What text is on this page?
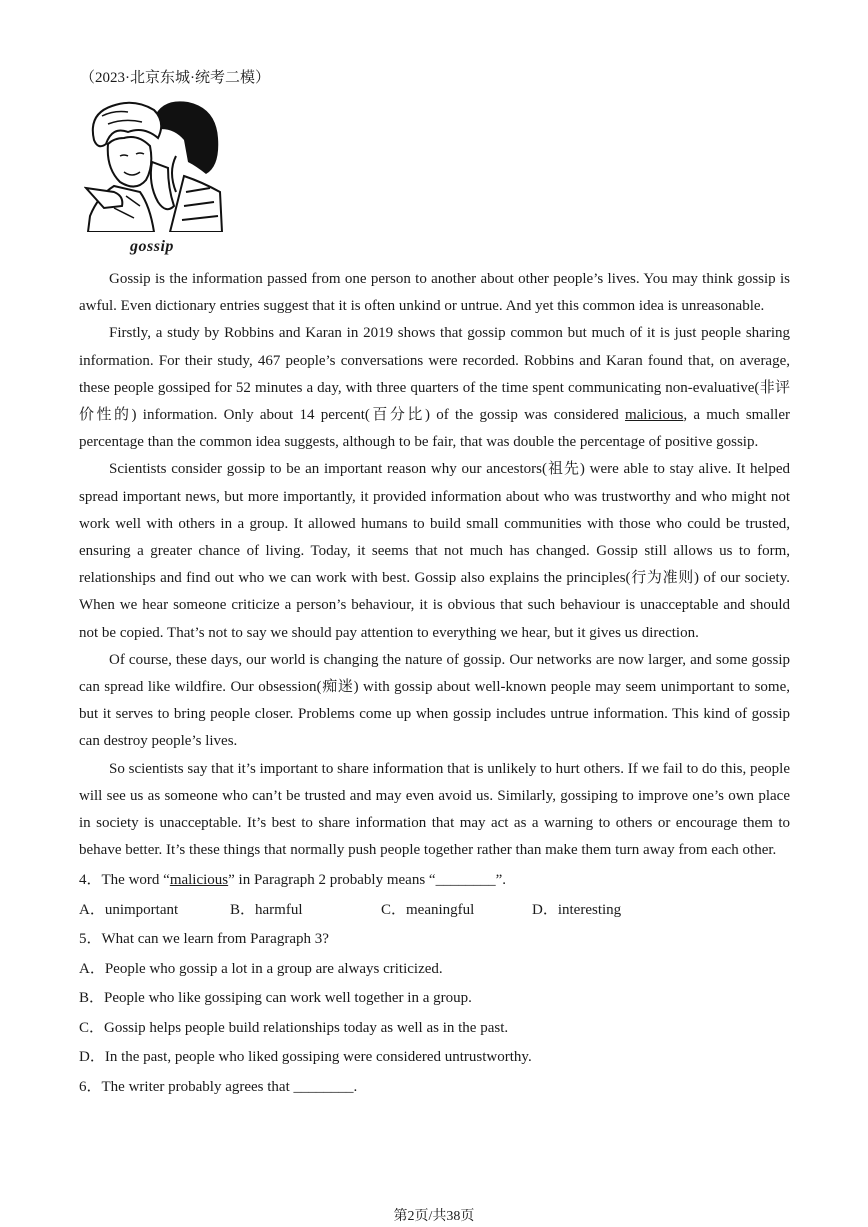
（2023·北京东城·统考二模）
gossip

Gossip is the information passed from one person to another about other people’s lives. You may think gossip is awful. Even dictionary entries suggest that it is often unkind or untrue. And yet this common idea is unreasonable.

Firstly, a study by Robbins and Karan in 2019 shows that gossip common but much of it is just people sharing information. For their study, 467 people’s conversations were recorded. Robbins and Karan found that, on average, these people gossiped for 52 minutes a day, with three quarters of the time spent communicating non-evaluative(非评价性的) information. Only about 14 percent(百分比) of the gossip was considered malicious, a much smaller percentage than the common idea suggests, although to be fair, that was double the percentage of positive gossip.

Scientists consider gossip to be an important reason why our ancestors(祖先) were able to stay alive. It helped spread important news, but more importantly, it provided information about who was trustworthy and who might not work well with others in a group. It allowed humans to build small communities with those who could be trusted, ensuring a greater chance of living. Today, it seems that not much has changed. Gossip still allows us to form, relationships and find out who we can work with best. Gossip also explains the principles(行为准则) of our society. When we hear someone criticize a person’s behaviour, it is obvious that such behaviour is unacceptable and should not be copied. That’s not to say we should pay attention to everything we hear, but it gives us direction.

Of course, these days, our world is changing the nature of gossip. Our networks are now larger, and some gossip can spread like wildfire. Our obsession(痴迷) with gossip about well-known people may seem unimportant to some, but it serves to bring people closer. Problems come up when gossip includes untrue information. This kind of gossip can destroy people’s lives.

So scientists say that it’s important to share information that is unlikely to hurt others. If we fail to do this, people will see us as someone who can’t be trusted and may even avoid us. Similarly, gossiping to improve one’s own place in society is unacceptable. It’s best to share information that may act as a warning to others or encourage them to behave better. It’s these things that normally push people together rather than make them turn away from each other.

4．The word “malicious” in Paragraph 2 probably means “________”.
A．unimportant	B．harmful	C．meaningful	D．interesting
5．What can we learn from Paragraph 3?
A．People who gossip a lot in a group are always criticized.
B．People who like gossiping can work well together in a group.
C．Gossip helps people build relationships today as well as in the past.
D．In the past, people who liked gossiping were considered untrustworthy.
6．The writer probably agrees that ________.
第2页/共38页
